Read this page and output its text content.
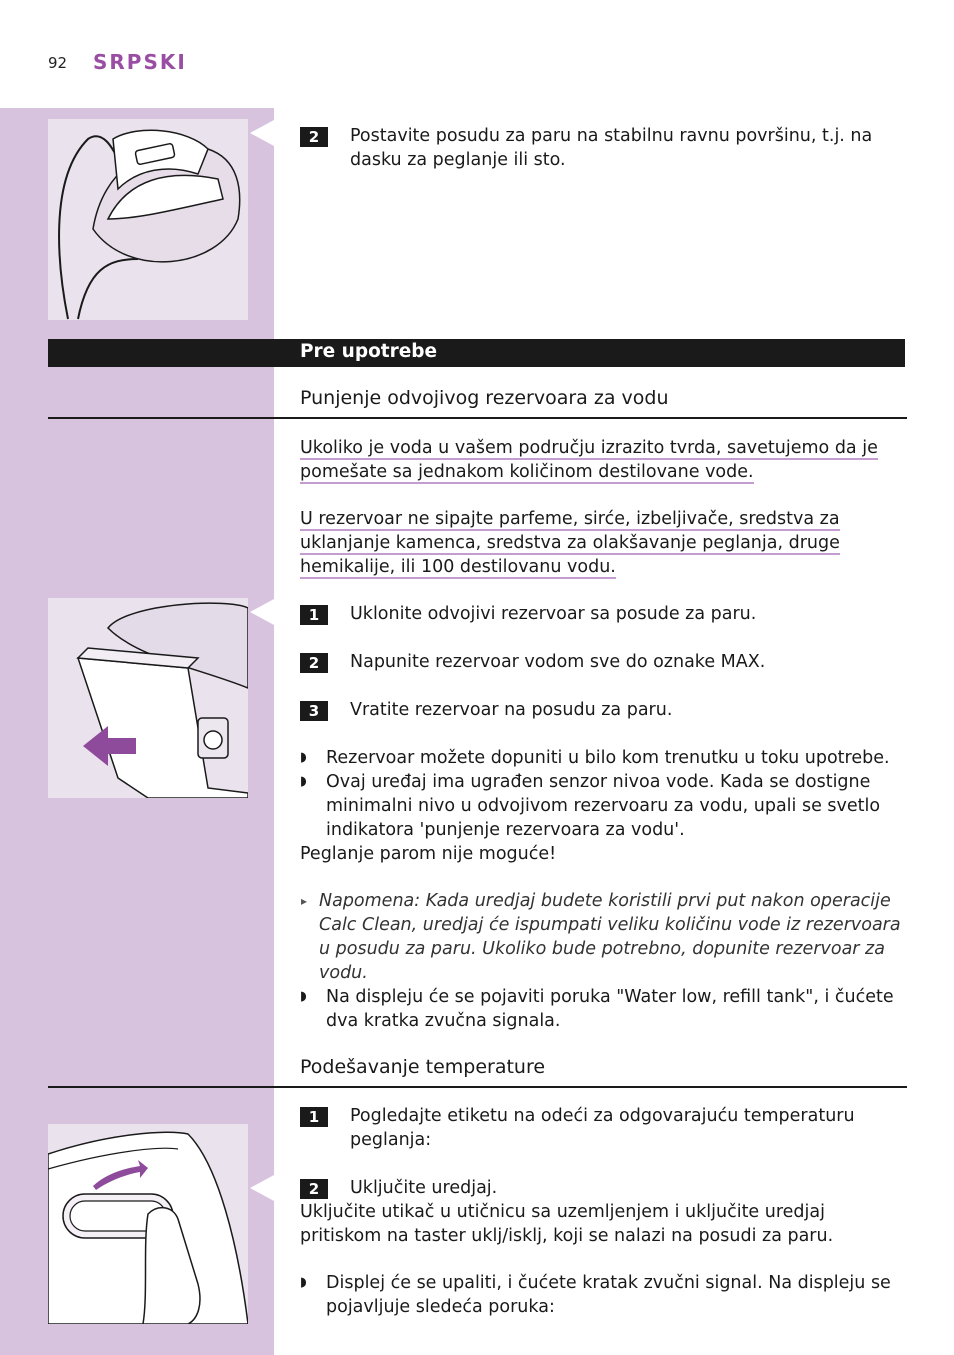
92 SRPSKI
2	Postavite posudu za paru na stabilnu ravnu površinu, t.j. na dasku za peglanje ili sto.
Pre upotrebe
Punjenje odvojivog rezervoara za vodu
Ukoliko je voda u vašem području izrazito tvrda, savetujemo da je pomešate sa jednakom količinom destilovane vode.
U rezervoar ne sipajte parfeme, sirće, izbeljivače, sredstva za uklanjanje kamenca, sredstva za olakšavanje peglanja, druge hemikalije, ili 100 destilovanu vodu.
1	Uklonite odvojivi rezervoar sa posude za paru.
2	Napunite rezervoar vodom sve do oznake MAX.
3	Vratite rezervoar na posudu za paru.
◗ Rezervoar možete dopuniti u bilo kom trenutku u toku upotrebe.
◗ Ovaj uređaj ima ugrađen senzor nivoa vode. Kada se dostigne minimalni nivo u odvojivom rezervoaru za vodu, upali se svetlo indikatora 'punjenje rezervoara za vodu'.
Peglanje parom nije moguće!
▸ Napomena: Kada uredjaj budete koristili prvi put nakon operacije Calc Clean, uredjaj će ispumpati veliku količinu vode iz rezervoara u posudu za paru. Ukoliko bude potrebno, dopunite rezervoar za vodu.
◗ Na displeju će se pojaviti poruka "Water low, refill tank", i čućete dva kratka zvučna signala.
Podešavanje temperature
1	Pogledajte etiketu na odeći za odgovarajuću temperaturu peglanja:
2	Uključite uredjaj.
Uključite utikač u utičnicu sa uzemljenjem i uključite uredjaj pritiskom na taster uklj/isklj, koji se nalazi na posudi za paru.
◗ Displej će se upaliti, i čućete kratak zvučni signal. Na displeju se pojavljuje sledeća poruka:
